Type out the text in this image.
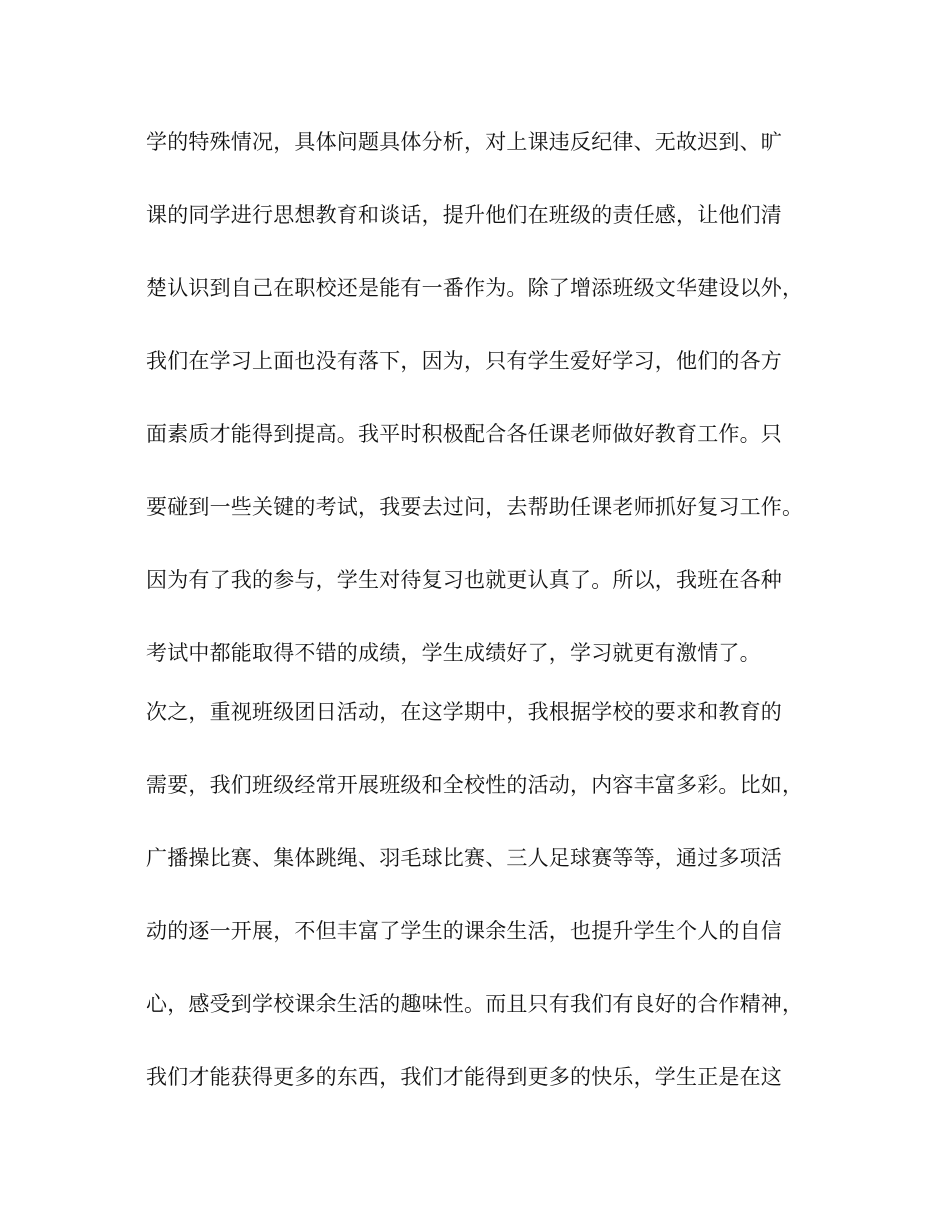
学的特殊情况，具体问题具体分析，对上课违反纪律、无故迟到、旷
课的同学进行思想教育和谈话，提升他们在班级的责任感，让他们清
楚认识到自己在职校还是能有一番作为。除了增添班级文华建设以外，
我们在学习上面也没有落下，因为，只有学生爱好学习，他们的各方
面素质才能得到提高。我平时积极配合各任课老师做好教育工作。只
要碰到一些关键的考试，我要去过问，去帮助任课老师抓好复习工作。
因为有了我的参与，学生对待复习也就更认真了。所以，我班在各种
考试中都能取得不错的成绩，学生成绩好了，学习就更有激情了。
次之，重视班级团日活动，在这学期中，我根据学校的要求和教育的
需要，我们班级经常开展班级和全校性的活动，内容丰富多彩。比如，
广播操比赛、集体跳绳、羽毛球比赛、三人足球赛等等，通过多项活
动的逐一开展，不但丰富了学生的课余生活，也提升学生个人的自信
心，感受到学校课余生活的趣味性。而且只有我们有良好的合作精神，
我们才能获得更多的东西，我们才能得到更多的快乐，学生正是在这
